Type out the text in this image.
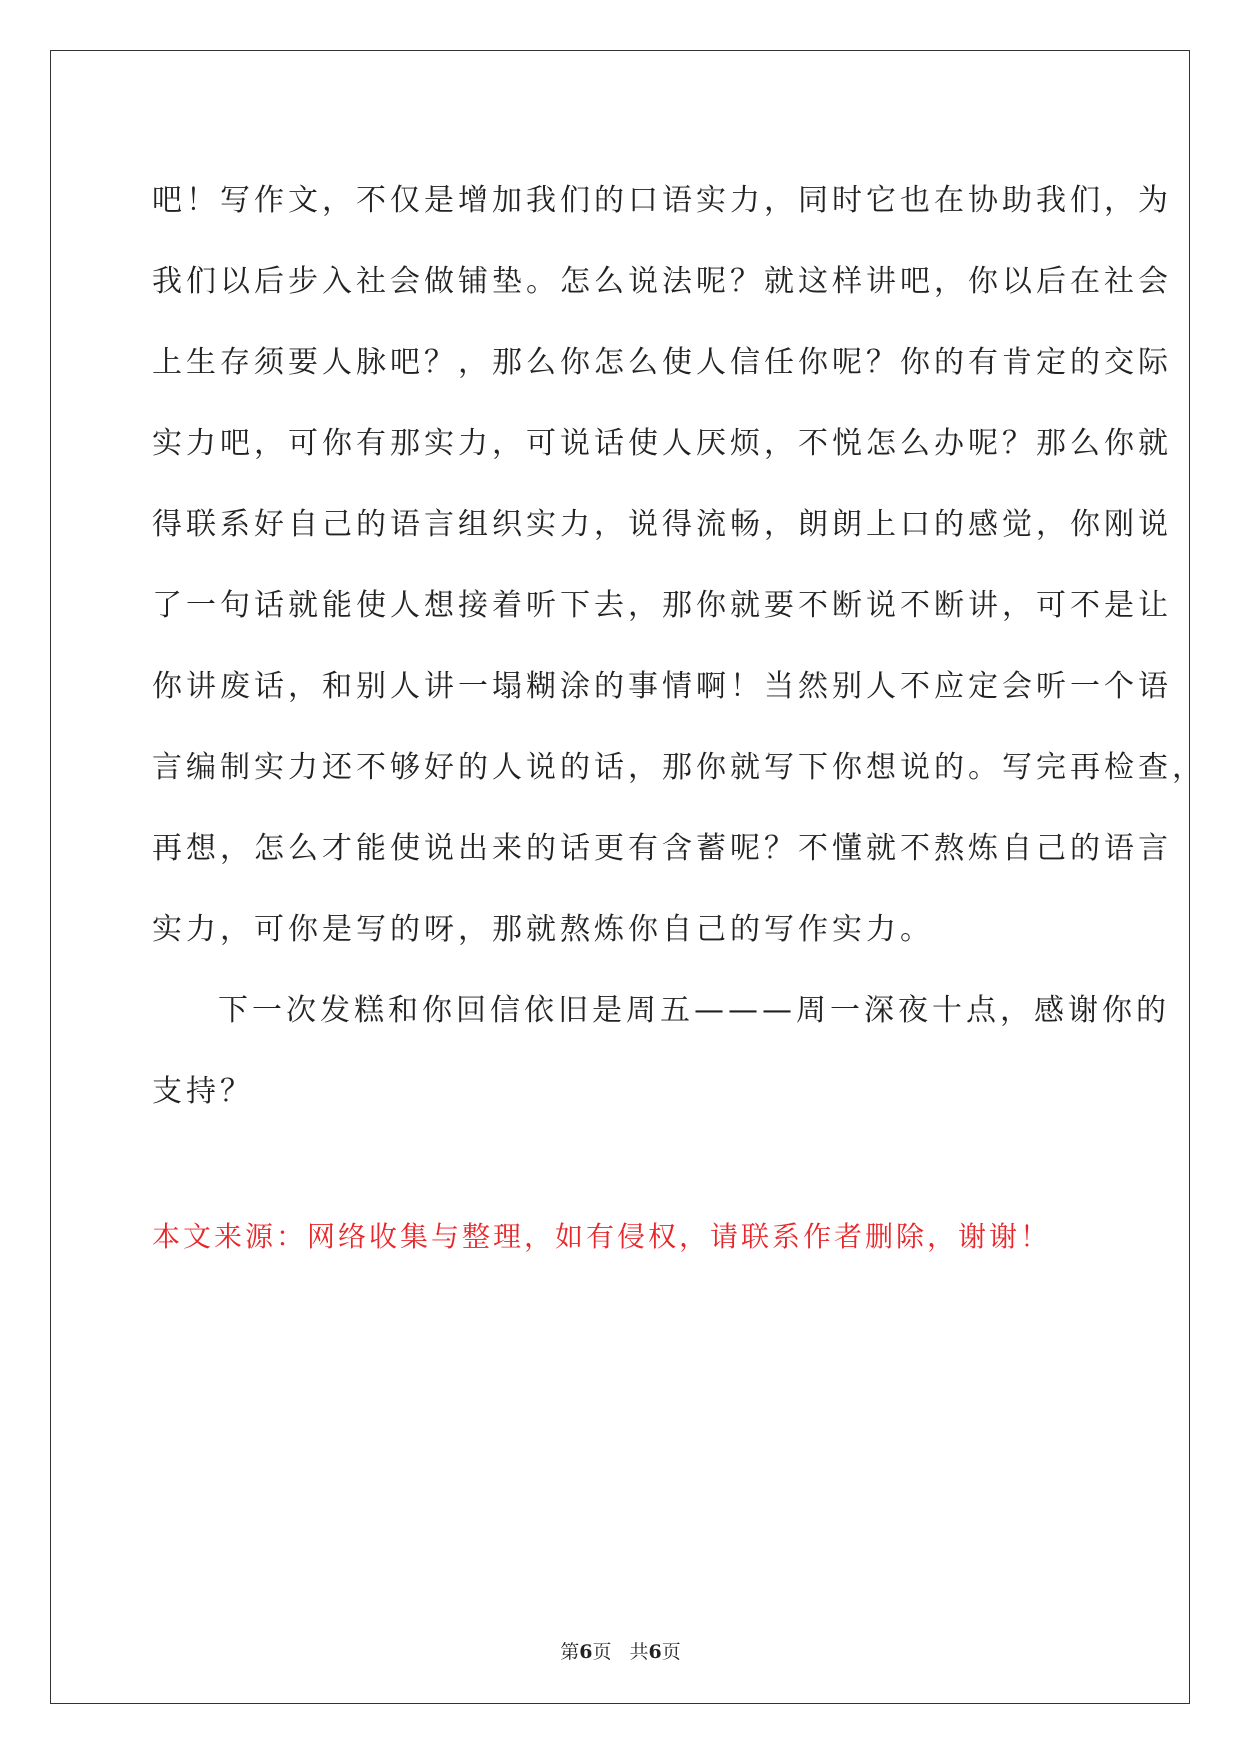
吧！写作文，不仅是增加我们的口语实力，同时它也在协助我们，为
我们以后步入社会做铺垫。怎么说法呢？就这样讲吧，你以后在社会
上生存须要人脉吧？，那么你怎么使人信任你呢？你的有肯定的交际
实力吧，可你有那实力，可说话使人厌烦，不悦怎么办呢？那么你就
得联系好自己的语言组织实力，说得流畅，朗朗上口的感觉，你刚说
了一句话就能使人想接着听下去，那你就要不断说不断讲，可不是让
你讲废话，和别人讲一塌糊涂的事情啊！当然别人不应定会听一个语
言编制实力还不够好的人说的话，那你就写下你想说的。写完再检查，
再想，怎么才能使说出来的话更有含蓄呢？不懂就不熬炼自己的语言
实力，可你是写的呀，那就熬炼你自己的写作实力。

下一次发糕和你回信依旧是周五———周一深夜十点，感谢你的
支持？

本文来源：网络收集与整理，如有侵权，请联系作者删除，谢谢！
第6页 共6页
